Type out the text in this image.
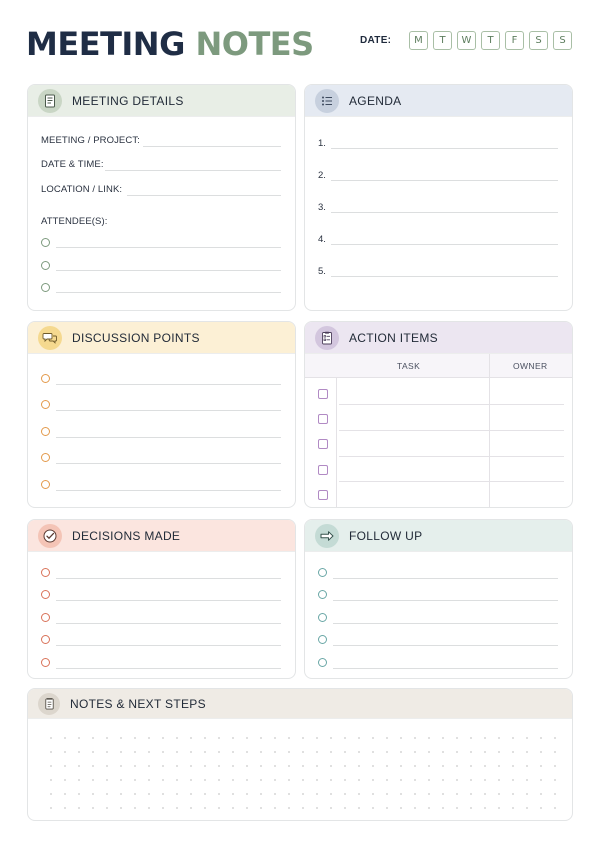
MEETING NOTES	DATE:	M	T	W	T	F	S	S
MEETING DETAILS
MEETING / PROJECT:
DATE & TIME:
LOCATION / LINK:
ATTENDEE(S):
AGENDA
1.
2.
3.
4.
5.
DISCUSSION POINTS	ACTION ITEMS
TASK	OWNER
DECISIONS MADE	FOLLOW UP
NOTES & NEXT STEPS
